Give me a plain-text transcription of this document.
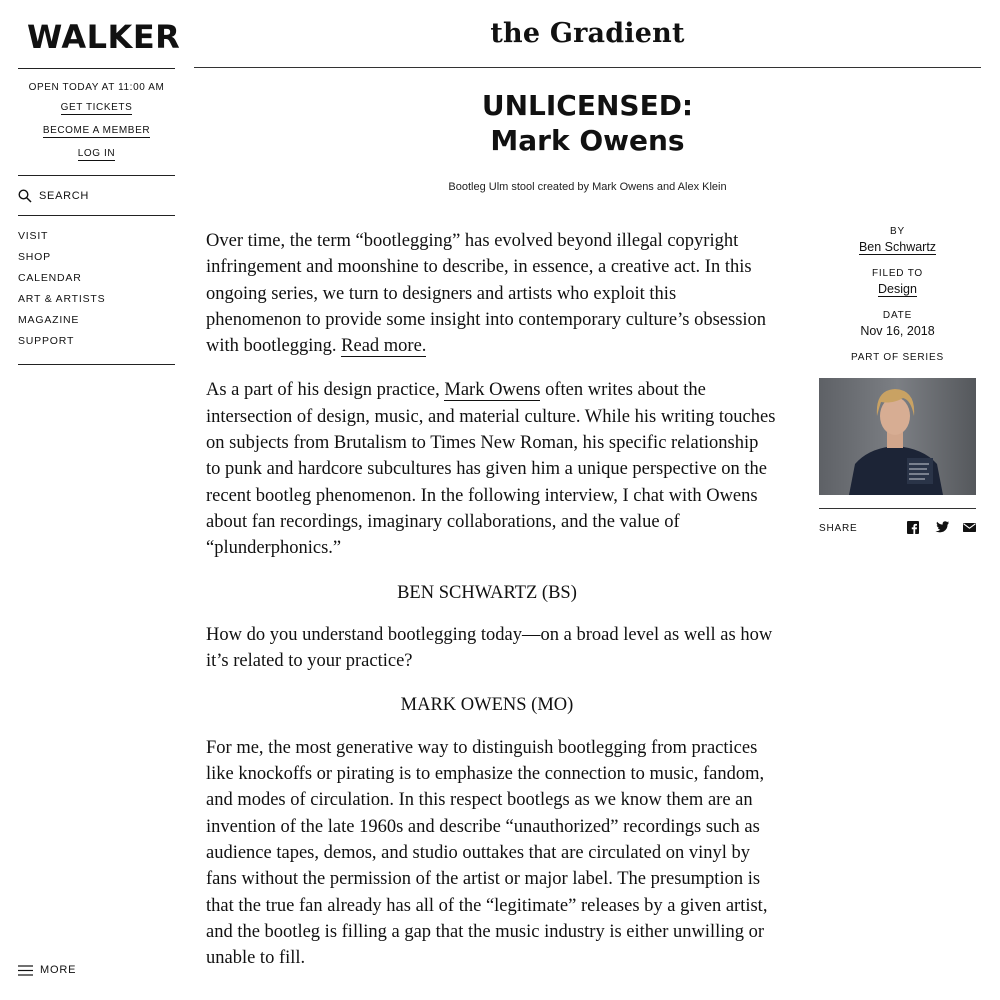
WALKER
OPEN TODAY AT 11:00 AM
GET TICKETS
BECOME A MEMBER
LOG IN
SEARCH
VISIT
SHOP
CALENDAR
ART & ARTISTS
MAGAZINE
SUPPORT
MORE
the Gradient
UNLICENSED:
Mark Owens
Bootleg Ulm stool created by Mark Owens and Alex Klein

Over time, the term “bootlegging” has evolved beyond illegal copyright infringement and moonshine to describe, in essence, a creative act. In this ongoing series, we turn to designers and artists who exploit this phenomenon to provide some insight into contemporary culture’s obsession with bootlegging. Read more.

As a part of his design practice, Mark Owens often writes about the intersection of design, music, and material culture. While his writing touches on subjects from Brutalism to Times New Roman, his specific relationship to punk and hardcore subcultures has given him a unique perspective on the recent bootleg phenomenon. In the following interview, I chat with Owens about fan recordings, imaginary collaborations, and the value of “plunderphonics.”

BEN SCHWARTZ (BS)

How do you understand bootlegging today—on a broad level as well as how it’s related to your practice?

MARK OWENS (MO)

For me, the most generative way to distinguish bootlegging from practices like knockoffs or pirating is to emphasize the connection to music, fandom, and modes of circulation. In this respect bootlegs as we know them are an invention of the late 1960s and describe “unauthorized” recordings such as audience tapes, demos, and studio outtakes that are circulated on vinyl by fans without the permission of the artist or major label. The presumption is that the true fan already has all of the “legitimate” releases by a given artist, and the bootleg is filling a gap that the music industry is either unwilling or unable to fill.

BY
Ben Schwartz
FILED TO
Design
DATE
Nov 16, 2018
PART OF SERIES
SHARE
